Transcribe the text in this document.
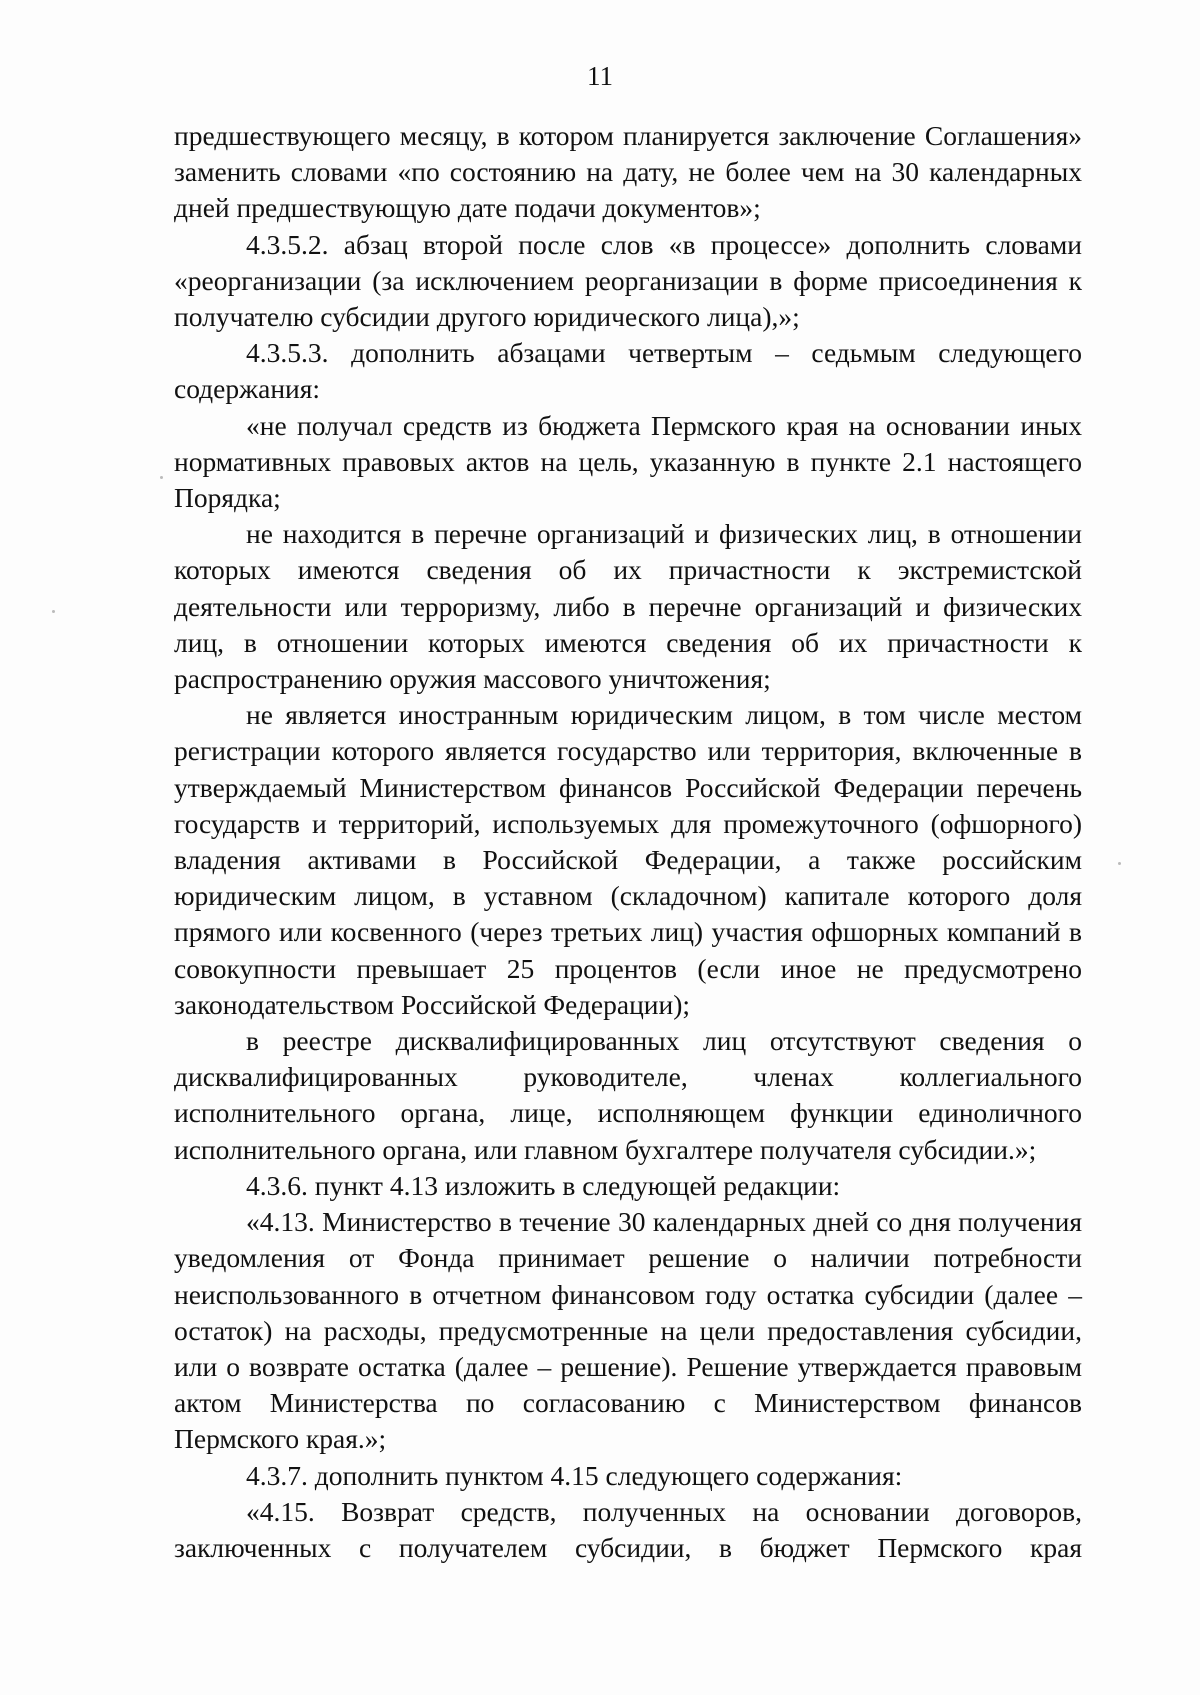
11

предшествующего месяцу, в котором планируется заключение Соглашения» заменить словами «по состоянию на дату, не более чем на 30 календарных дней предшествующую дате подачи документов»;

4.3.5.2. абзац второй после слов «в процессе» дополнить словами «реорганизации (за исключением реорганизации в форме присоединения к получателю субсидии другого юридического лица),»;

4.3.5.3. дополнить абзацами четвертым – седьмым следующего содержания:

«не получал средств из бюджета Пермского края на основании иных нормативных правовых актов на цель, указанную в пункте 2.1 настоящего Порядка;

не находится в перечне организаций и физических лиц, в отношении которых имеются сведения об их причастности к экстремистской деятельности или терроризму, либо в перечне организаций и физических лиц, в отношении которых имеются сведения об их причастности к распространению оружия массового уничтожения;

не является иностранным юридическим лицом, в том числе местом регистрации которого является государство или территория, включенные в утверждаемый Министерством финансов Российской Федерации перечень государств и территорий, используемых для промежуточного (офшорного) владения активами в Российской Федерации, а также российским юридическим лицом, в уставном (складочном) капитале которого доля прямого или косвенного (через третьих лиц) участия офшорных компаний в совокупности превышает 25 процентов (если иное не предусмотрено законодательством Российской Федерации);

в реестре дисквалифицированных лиц отсутствуют сведения о дисквалифицированных руководителе, членах коллегиального исполнительного органа, лице, исполняющем функции единоличного исполнительного органа, или главном бухгалтере получателя субсидии.»;

4.3.6. пункт 4.13 изложить в следующей редакции:

«4.13. Министерство в течение 30 календарных дней со дня получения уведомления от Фонда принимает решение о наличии потребности неиспользованного в отчетном финансовом году остатка субсидии (далее – остаток) на расходы, предусмотренные на цели предоставления субсидии, или о возврате остатка (далее – решение). Решение утверждается правовым актом Министерства по согласованию с Министерством финансов Пермского края.»;

4.3.7. дополнить пунктом 4.15 следующего содержания:

«4.15. Возврат средств, полученных на основании договоров, заключенных с получателем субсидии, в бюджет Пермского края
